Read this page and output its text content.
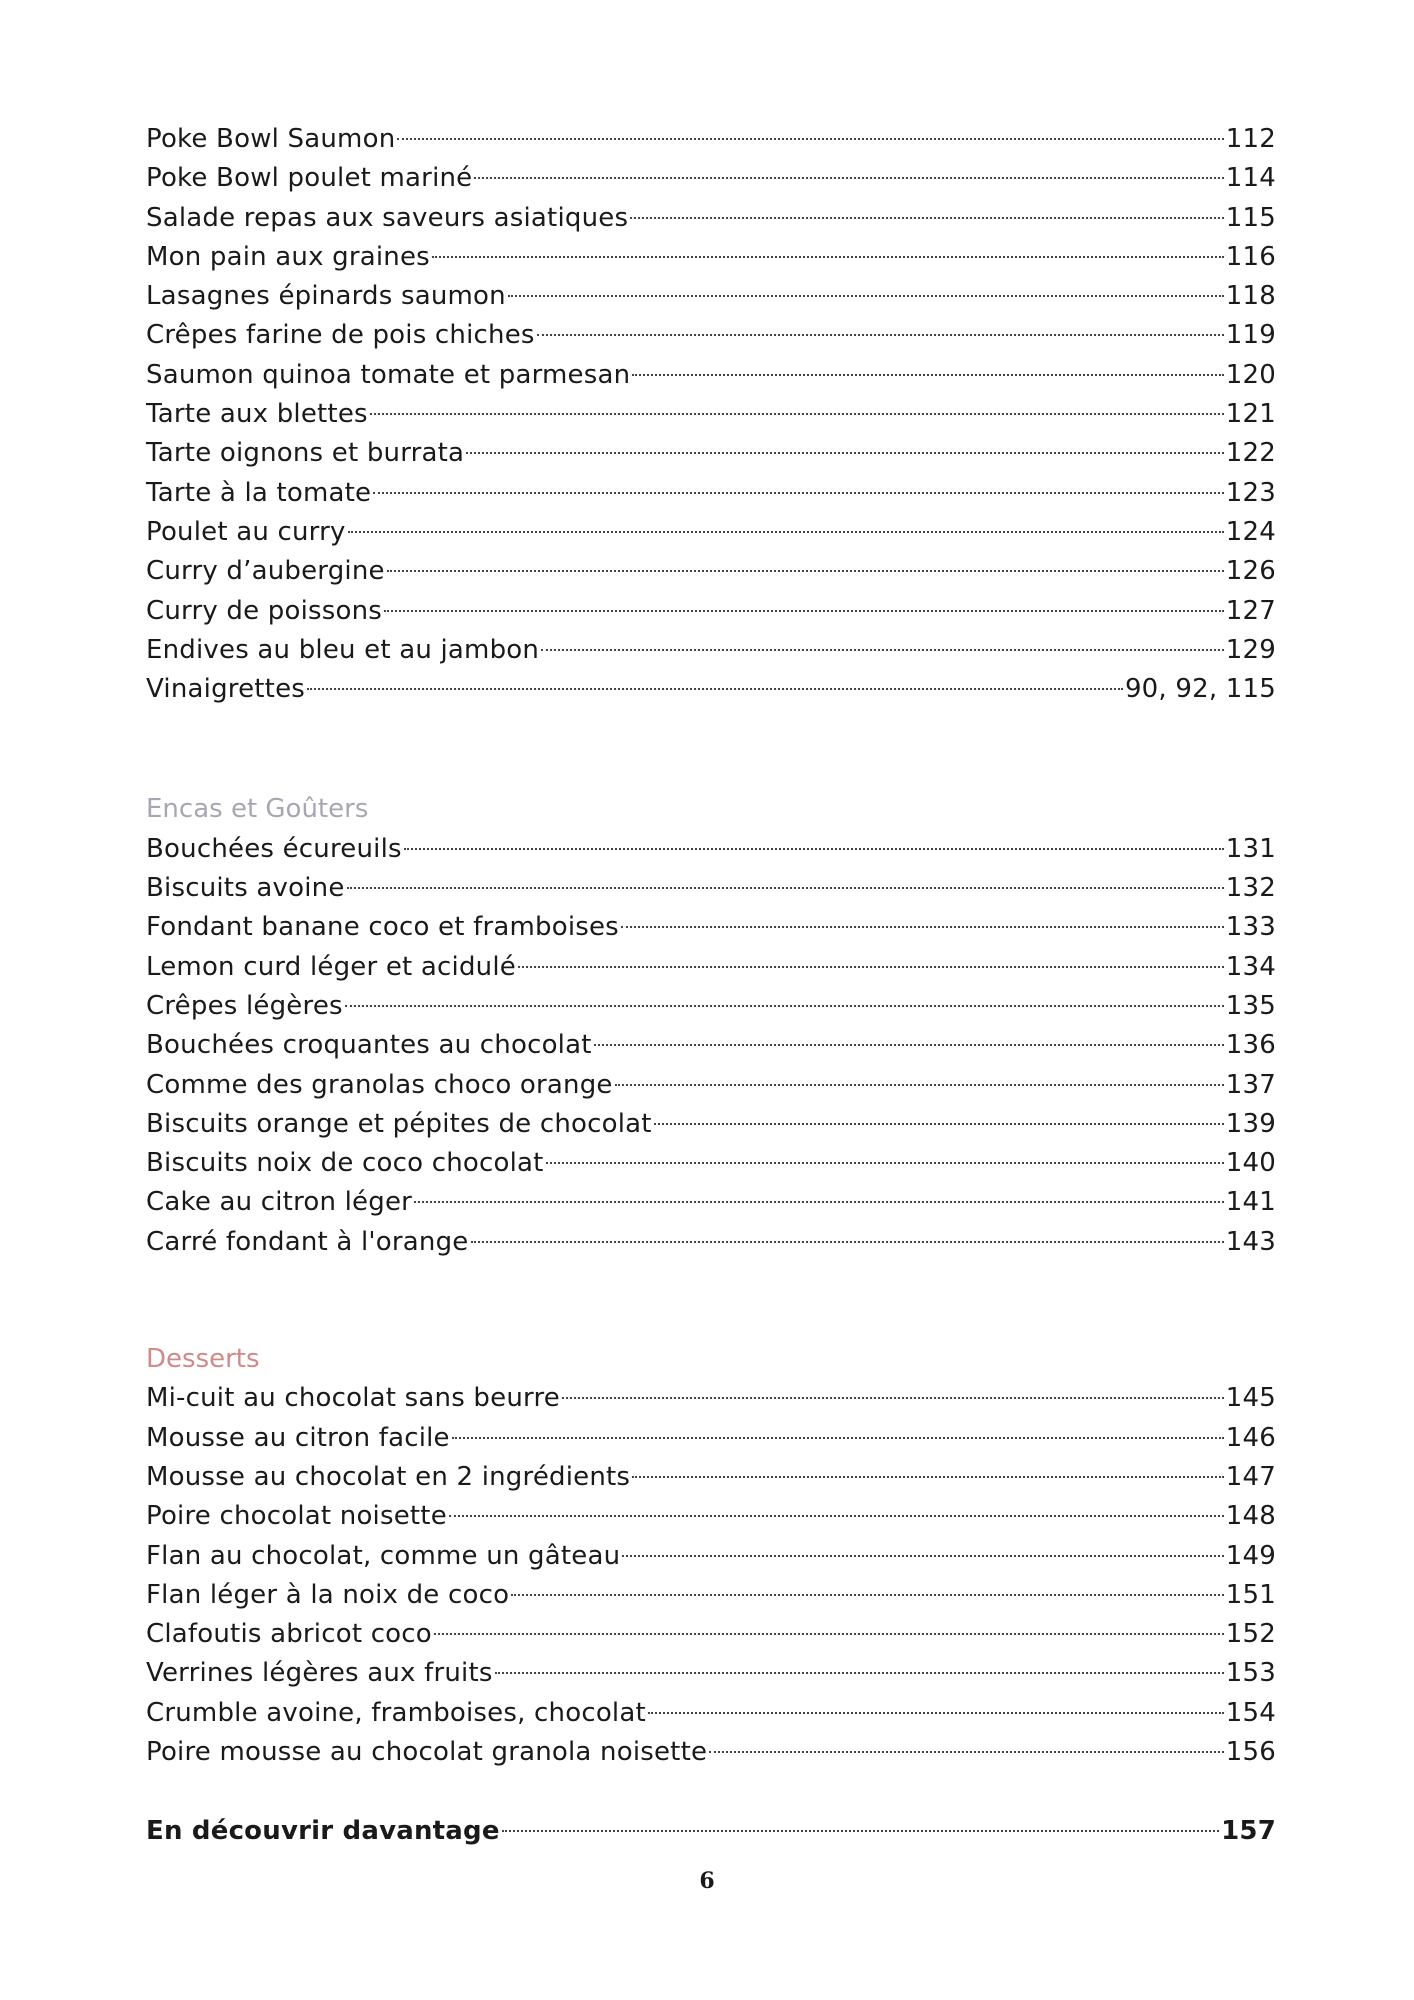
Poke Bowl Saumon	112
Poke Bowl poulet mariné	114
Salade repas aux saveurs asiatiques	115
Mon pain aux graines	116
Lasagnes épinards saumon	118
Crêpes farine de pois chiches	119
Saumon quinoa tomate et parmesan	120
Tarte aux blettes	121
Tarte oignons et burrata	122
Tarte à la tomate	123
Poulet au curry	124
Curry d’aubergine	126
Curry de poissons	127
Endives au bleu et au jambon	129
Vinaigrettes	90, 92, 115
Encas et Goûters
Bouchées écureuils	131
Biscuits avoine	132
Fondant banane coco et framboises	133
Lemon curd léger et acidulé	134
Crêpes légères	135
Bouchées croquantes au chocolat	136
Comme des granolas choco orange	137
Biscuits orange et pépites de chocolat	139
Biscuits noix de coco chocolat	140
Cake au citron léger	141
Carré fondant à l'orange	143
Desserts
Mi-cuit au chocolat sans beurre	145
Mousse au citron facile	146
Mousse au chocolat en 2 ingrédients	147
Poire chocolat noisette	148
Flan au chocolat, comme un gâteau	149
Flan léger à la noix de coco	151
Clafoutis abricot coco	152
Verrines légères aux fruits	153
Crumble avoine, framboises, chocolat	154
Poire mousse au chocolat granola noisette	156
En découvrir davantage	157
6
